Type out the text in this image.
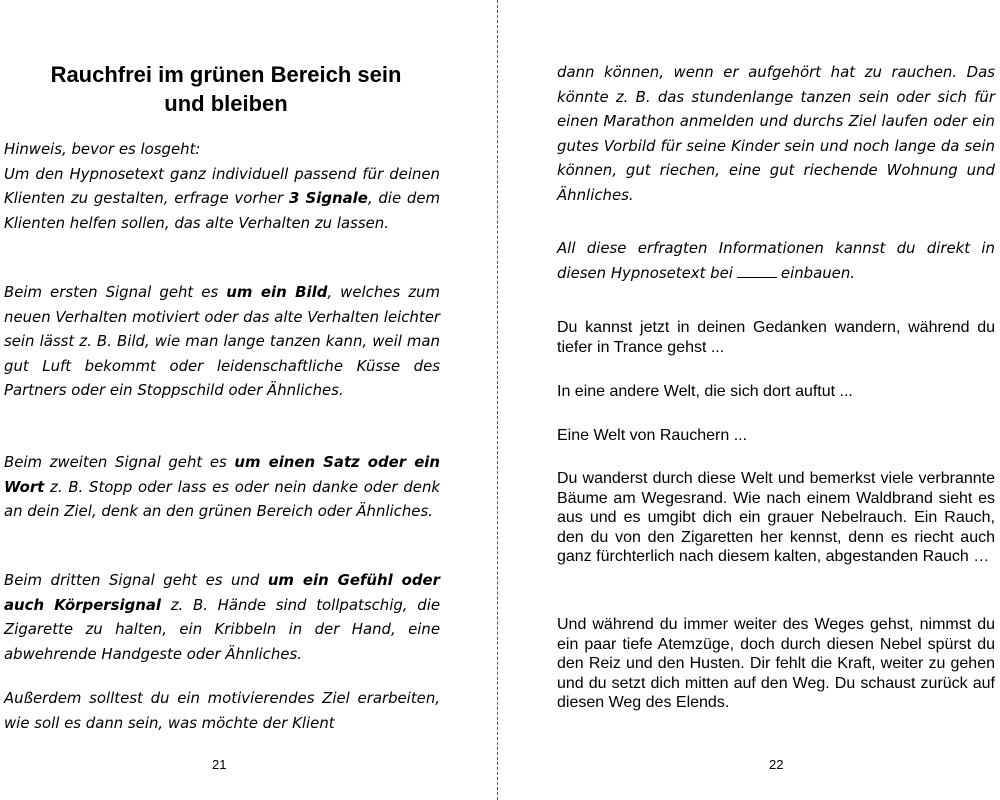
Rauchfrei im grünen Bereich sein
und bleiben

Hinweis, bevor es losgeht:
Um den Hypnosetext ganz individuell passend für deinen Klienten zu gestalten, erfrage vorher 3 Signale, die dem Klienten helfen sollen, das alte Verhalten zu lassen.

Beim ersten Signal geht es um ein Bild, welches zum neuen Verhalten motiviert oder das alte Verhalten leichter sein lässt z. B. Bild, wie man lange tanzen kann, weil man gut Luft bekommt oder leidenschaftliche Küsse des Partners oder ein Stoppschild oder Ähnliches.

Beim zweiten Signal geht es um einen Satz oder ein Wort z. B. Stopp oder lass es oder nein danke oder denk an dein Ziel, denk an den grünen Bereich oder Ähnliches.

Beim dritten Signal geht es und um ein Gefühl oder auch Körpersignal z. B. Hände sind tollpatschig, die Zigarette zu halten, ein Kribbeln in der Hand, eine abwehrende Handgeste oder Ähnliches.

Außerdem solltest du ein motivierendes Ziel erarbeiten, wie soll es dann sein, was möchte der Klient

21

dann können, wenn er aufgehört hat zu rauchen. Das könnte z. B. das stundenlange tanzen sein oder sich für einen Marathon anmelden und durchs Ziel laufen oder ein gutes Vorbild für seine Kinder sein und noch lange da sein können, gut riechen, eine gut riechende Wohnung und Ähnliches.

All diese erfragten Informationen kannst du direkt in diesen Hypnosetext bei	einbauen.

Du kannst jetzt in deinen Gedanken wandern, während du tiefer in Trance gehst ...

In eine andere Welt, die sich dort auftut ...

Eine Welt von Rauchern ...

Du wanderst durch diese Welt und bemerkst viele verbrannte Bäume am Wegesrand. Wie nach einem Waldbrand sieht es aus und es umgibt dich ein grauer Nebelrauch. Ein Rauch, den du von den Zigaretten her kennst, denn es riecht auch ganz fürchterlich nach diesem kalten, abgestanden Rauch …

Und während du immer weiter des Weges gehst, nimmst du ein paar tiefe Atemzüge, doch durch diesen Nebel spürst du den Reiz und den Husten. Dir fehlt die Kraft, weiter zu gehen und du setzt dich mitten auf den Weg. Du schaust zurück auf diesen Weg des Elends.

22
